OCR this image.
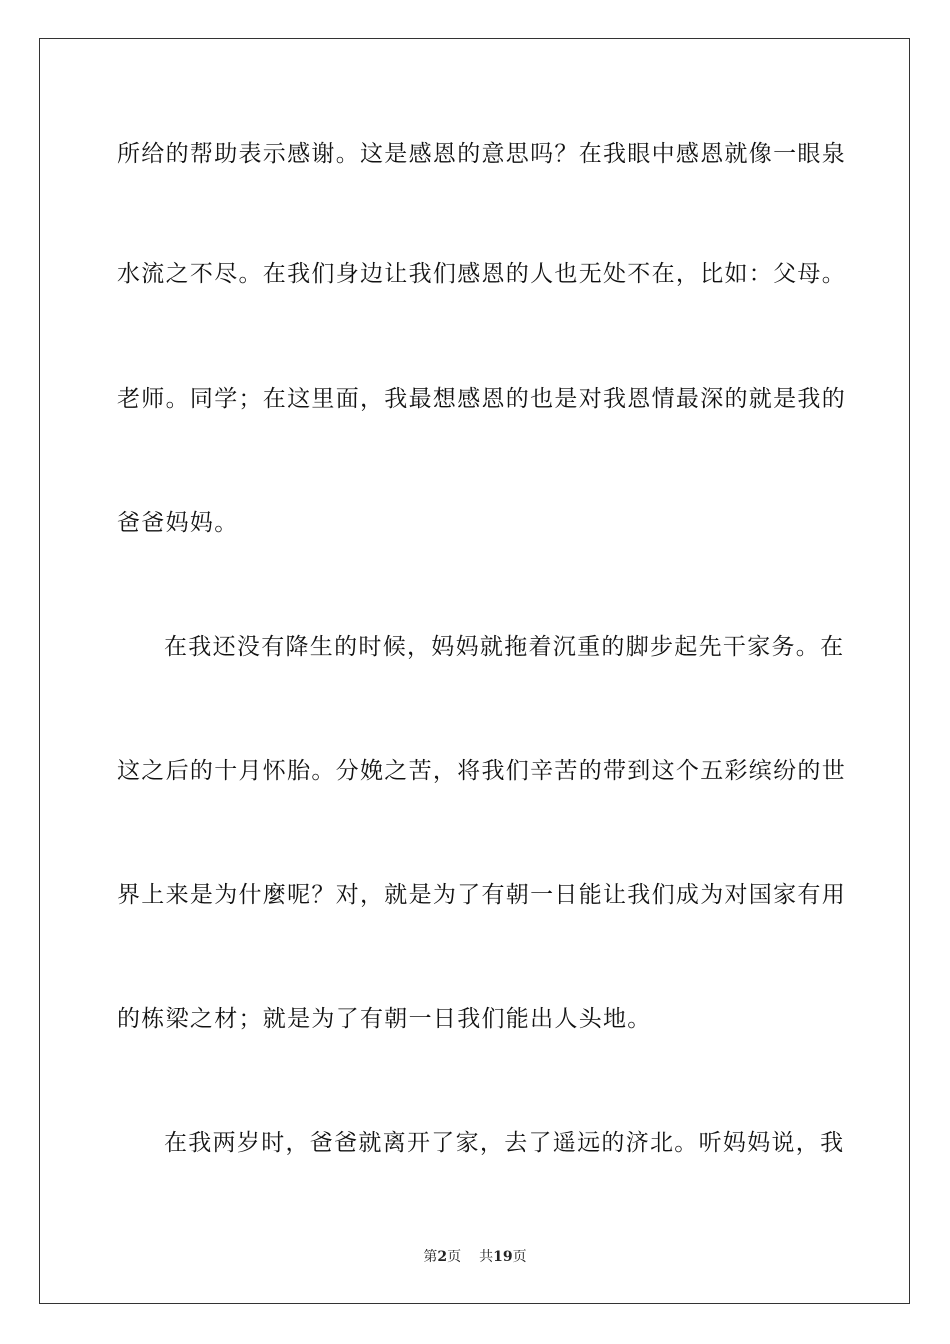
所给的帮助表示感谢。这是感恩的意思吗？在我眼中感恩就像一眼泉
水流之不尽。在我们身边让我们感恩的人也无处不在，比如：父母。
老师。同学；在这里面，我最想感恩的也是对我恩情最深的就是我的
爸爸妈妈。
在我还没有降生的时候，妈妈就拖着沉重的脚步起先干家务。在
这之后的十月怀胎。分娩之苦，将我们辛苦的带到这个五彩缤纷的世
界上来是为什麼呢？对，就是为了有朝一日能让我们成为对国家有用
的栋梁之材；就是为了有朝一日我们能出人头地。
在我两岁时，爸爸就离开了家，去了遥远的济北。听妈妈说，我
第2页 共19页
